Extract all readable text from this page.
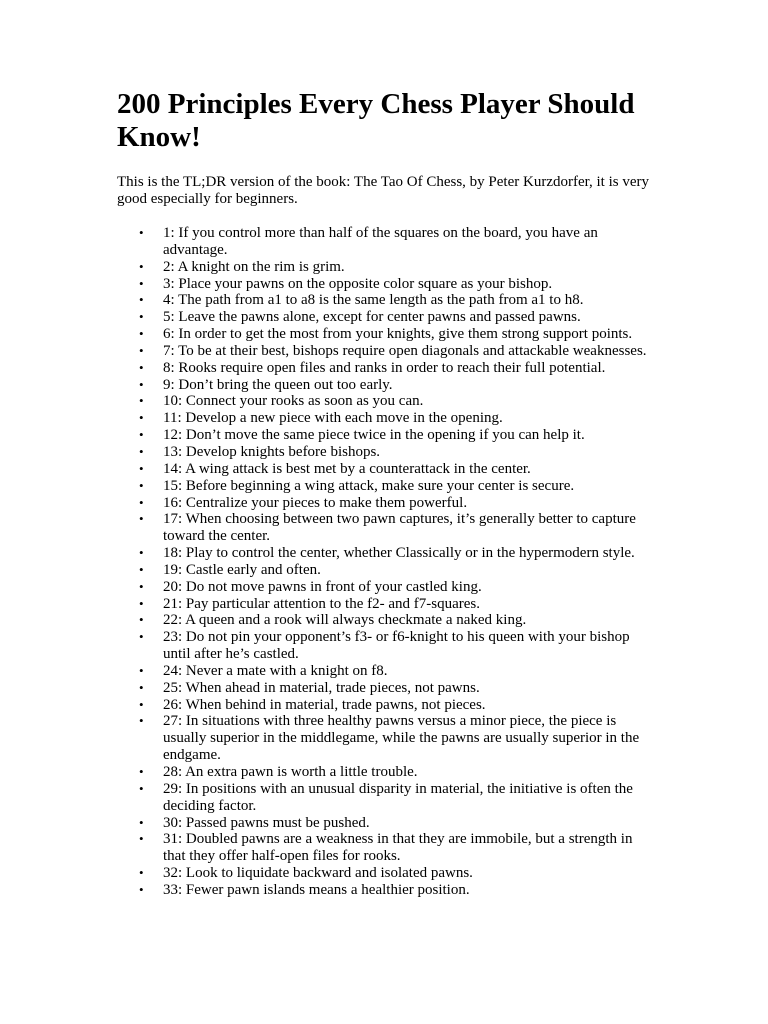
200 Principles Every Chess Player Should Know!

This is the TL;DR version of the book: The Tao Of Chess, by Peter Kurzdorfer, it is very good especially for beginners.

• 1: If you control more than half of the squares on the board, you have an advantage.
• 2: A knight on the rim is grim.
• 3: Place your pawns on the opposite color square as your bishop.
• 4: The path from a1 to a8 is the same length as the path from a1 to h8.
• 5: Leave the pawns alone, except for center pawns and passed pawns.
• 6: In order to get the most from your knights, give them strong support points.
• 7: To be at their best, bishops require open diagonals and attackable weaknesses.
• 8: Rooks require open files and ranks in order to reach their full potential.
• 9: Don’t bring the queen out too early.
• 10: Connect your rooks as soon as you can.
• 11: Develop a new piece with each move in the opening.
• 12: Don’t move the same piece twice in the opening if you can help it.
• 13: Develop knights before bishops.
• 14: A wing attack is best met by a counterattack in the center.
• 15: Before beginning a wing attack, make sure your center is secure.
• 16: Centralize your pieces to make them powerful.
• 17: When choosing between two pawn captures, it’s generally better to capture toward the center.
• 18: Play to control the center, whether Classically or in the hypermodern style.
• 19: Castle early and often.
• 20: Do not move pawns in front of your castled king.
• 21: Pay particular attention to the f2- and f7-squares.
• 22: A queen and a rook will always checkmate a naked king.
• 23: Do not pin your opponent’s f3- or f6-knight to his queen with your bishop until after he’s castled.
• 24: Never a mate with a knight on f8.
• 25: When ahead in material, trade pieces, not pawns.
• 26: When behind in material, trade pawns, not pieces.
• 27: In situations with three healthy pawns versus a minor piece, the piece is usually superior in the middlegame, while the pawns are usually superior in the endgame.
• 28: An extra pawn is worth a little trouble.
• 29: In positions with an unusual disparity in material, the initiative is often the deciding factor.
• 30: Passed pawns must be pushed.
• 31: Doubled pawns are a weakness in that they are immobile, but a strength in that they offer half-open files for rooks.
• 32: Look to liquidate backward and isolated pawns.
• 33: Fewer pawn islands means a healthier position.
